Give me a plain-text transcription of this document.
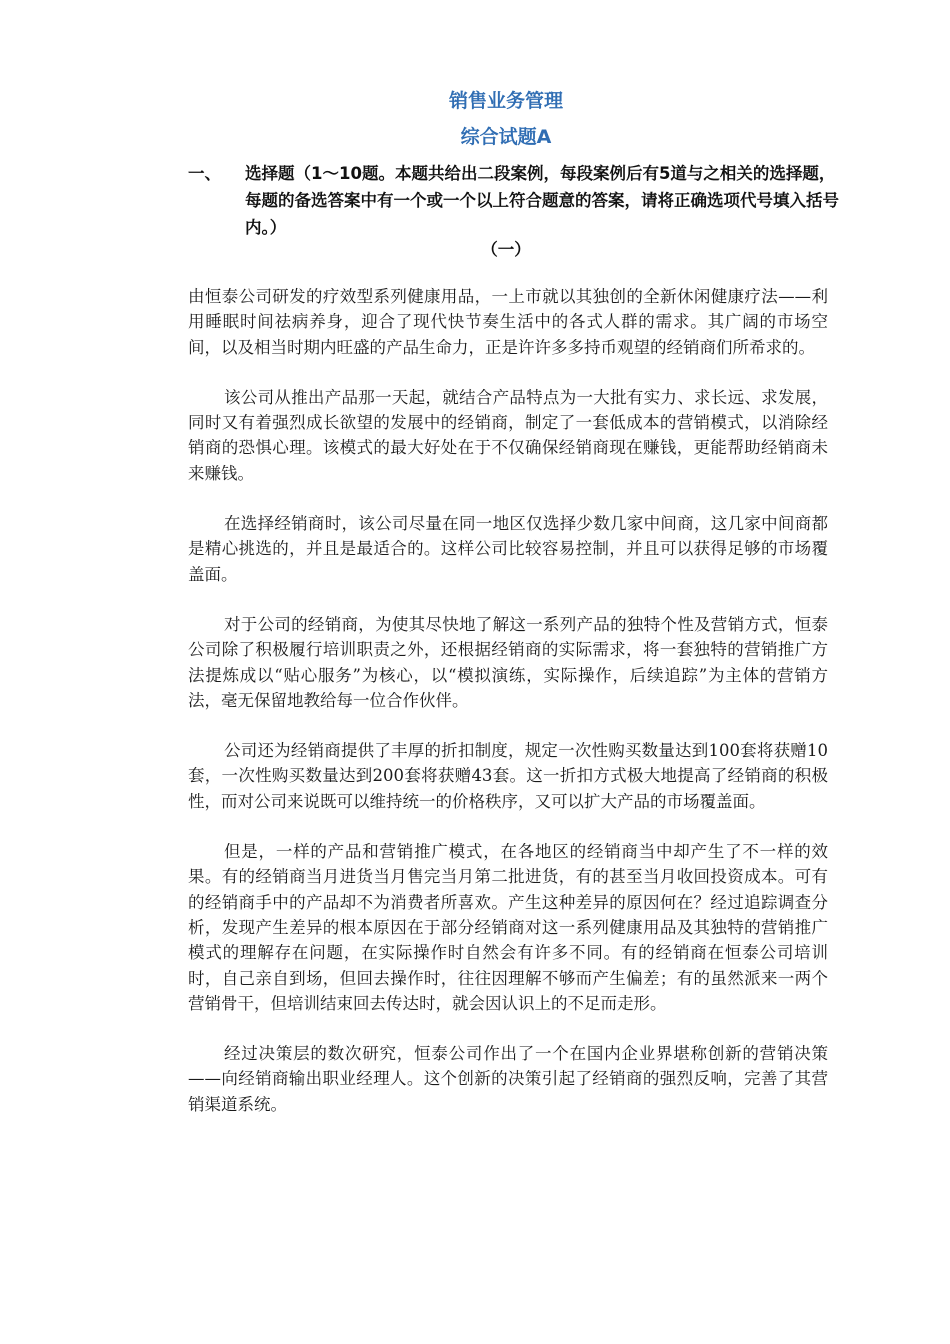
销售业务管理
综合试题A
一、 选择题（1～10题。本题共给出二段案例，每段案例后有5道与之相关的选择题，每题的备选答案中有一个或一个以上符合题意的答案，请将正确选项代号填入括号内。）
（一）

由恒泰公司研发的疗效型系列健康用品，一上市就以其独创的全新休闲健康疗法——利用睡眠时间祛病养身，迎合了现代快节奏生活中的各式人群的需求。其广阔的市场空间，以及相当时期内旺盛的产品生命力，正是许许多多持币观望的经销商们所希求的。

该公司从推出产品那一天起，就结合产品特点为一大批有实力、求长远、求发展，同时又有着强烈成长欲望的发展中的经销商，制定了一套低成本的营销模式，以消除经销商的恐惧心理。该模式的最大好处在于不仅确保经销商现在赚钱，更能帮助经销商未来赚钱。

在选择经销商时，该公司尽量在同一地区仅选择少数几家中间商，这几家中间商都是精心挑选的，并且是最适合的。这样公司比较容易控制，并且可以获得足够的市场覆盖面。

对于公司的经销商，为使其尽快地了解这一系列产品的独特个性及营销方式，恒泰公司除了积极履行培训职责之外，还根据经销商的实际需求，将一套独特的营销推广方法提炼成以“贴心服务”为核心，以“模拟演练，实际操作，后续追踪”为主体的营销方法，毫无保留地教给每一位合作伙伴。

公司还为经销商提供了丰厚的折扣制度，规定一次性购买数量达到100套将获赠10套，一次性购买数量达到200套将获赠43套。这一折扣方式极大地提高了经销商的积极性，而对公司来说既可以维持统一的价格秩序，又可以扩大产品的市场覆盖面。

但是，一样的产品和营销推广模式，在各地区的经销商当中却产生了不一样的效果。有的经销商当月进货当月售完当月第二批进货，有的甚至当月收回投资成本。可有的经销商手中的产品却不为消费者所喜欢。产生这种差异的原因何在？经过追踪调查分析，发现产生差异的根本原因在于部分经销商对这一系列健康用品及其独特的营销推广模式的理解存在问题，在实际操作时自然会有许多不同。有的经销商在恒泰公司培训时，自己亲自到场，但回去操作时，往往因理解不够而产生偏差；有的虽然派来一两个营销骨干，但培训结束回去传达时，就会因认识上的不足而走形。

经过决策层的数次研究，恒泰公司作出了一个在国内企业界堪称创新的营销决策——向经销商输出职业经理人。这个创新的决策引起了经销商的强烈反响，完善了其营销渠道系统。
